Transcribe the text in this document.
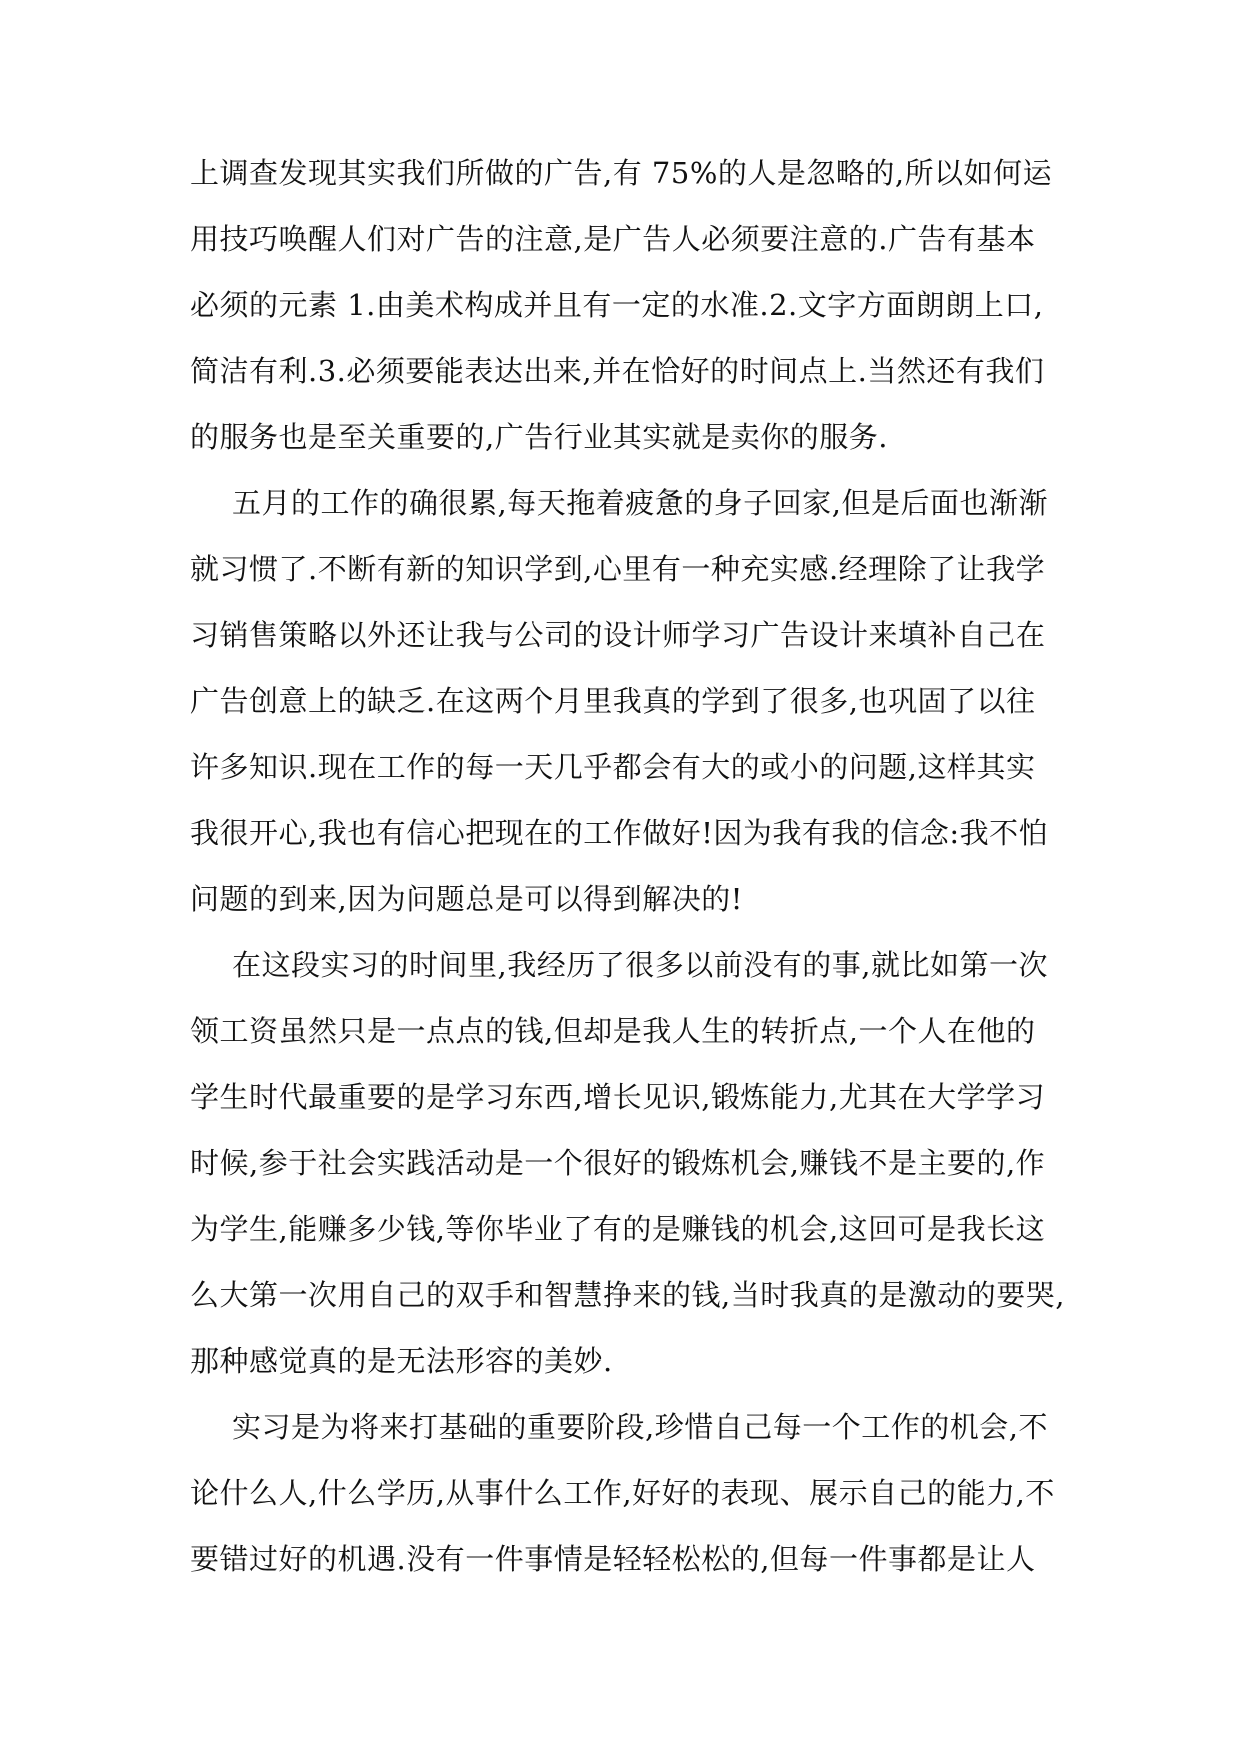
上调查发现其实我们所做的广告,有 75%的人是忽略的,所以如何运
用技巧唤醒人们对广告的注意,是广告人必须要注意的.广告有基本
必须的元素 1.由美术构成并且有一定的水准.2.文字方面朗朗上口,
简洁有利.3.必须要能表达出来,并在恰好的时间点上.当然还有我们
的服务也是至关重要的,广告行业其实就是卖你的服务.
五月的工作的确很累,每天拖着疲惫的身子回家,但是后面也渐渐
就习惯了.不断有新的知识学到,心里有一种充实感.经理除了让我学
习销售策略以外还让我与公司的设计师学习广告设计来填补自己在
广告创意上的缺乏.在这两个月里我真的学到了很多,也巩固了以往
许多知识.现在工作的每一天几乎都会有大的或小的问题,这样其实
我很开心,我也有信心把现在的工作做好!因为我有我的信念:我不怕
问题的到来,因为问题总是可以得到解决的!
在这段实习的时间里,我经历了很多以前没有的事,就比如第一次
领工资虽然只是一点点的钱,但却是我人生的转折点,一个人在他的
学生时代最重要的是学习东西,增长见识,锻炼能力,尤其在大学学习
时候,参于社会实践活动是一个很好的锻炼机会,赚钱不是主要的,作
为学生,能赚多少钱,等你毕业了有的是赚钱的机会,这回可是我长这
么大第一次用自己的双手和智慧挣来的钱,当时我真的是激动的要哭,
那种感觉真的是无法形容的美妙.
实习是为将来打基础的重要阶段,珍惜自己每一个工作的机会,不
论什么人,什么学历,从事什么工作,好好的表现、展示自己的能力,不
要错过好的机遇.没有一件事情是轻轻松松的,但每一件事都是让人
